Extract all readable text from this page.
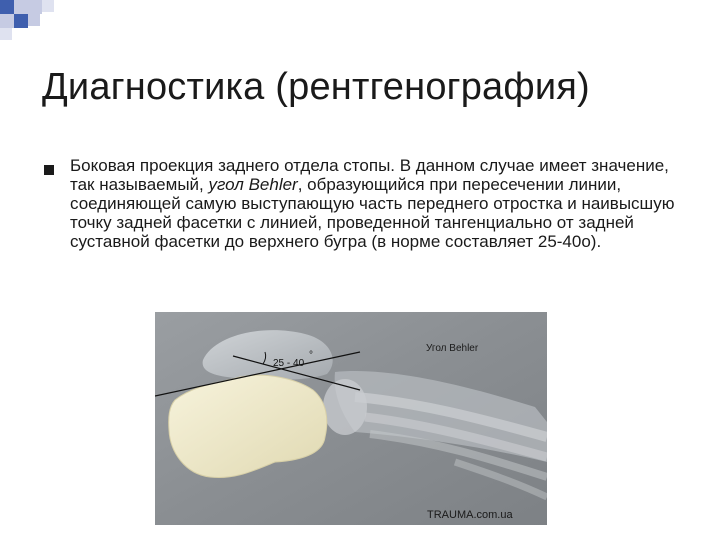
Диагностика (рентгенография)
Боковая проекция заднего отдела стопы. В данном случае имеет значение, так называемый, угол Behler, образующийся при пересечении линии, соединяющей самую выступающую часть переднего отростка и наивысшую точку задней фасетки с линией, проведенной тангенциально от задней суставной фасетки до верхнего бугра (в норме составляет 25-40о).
25 - 40
°
Угол Behler
TRAUMA.com.ua
